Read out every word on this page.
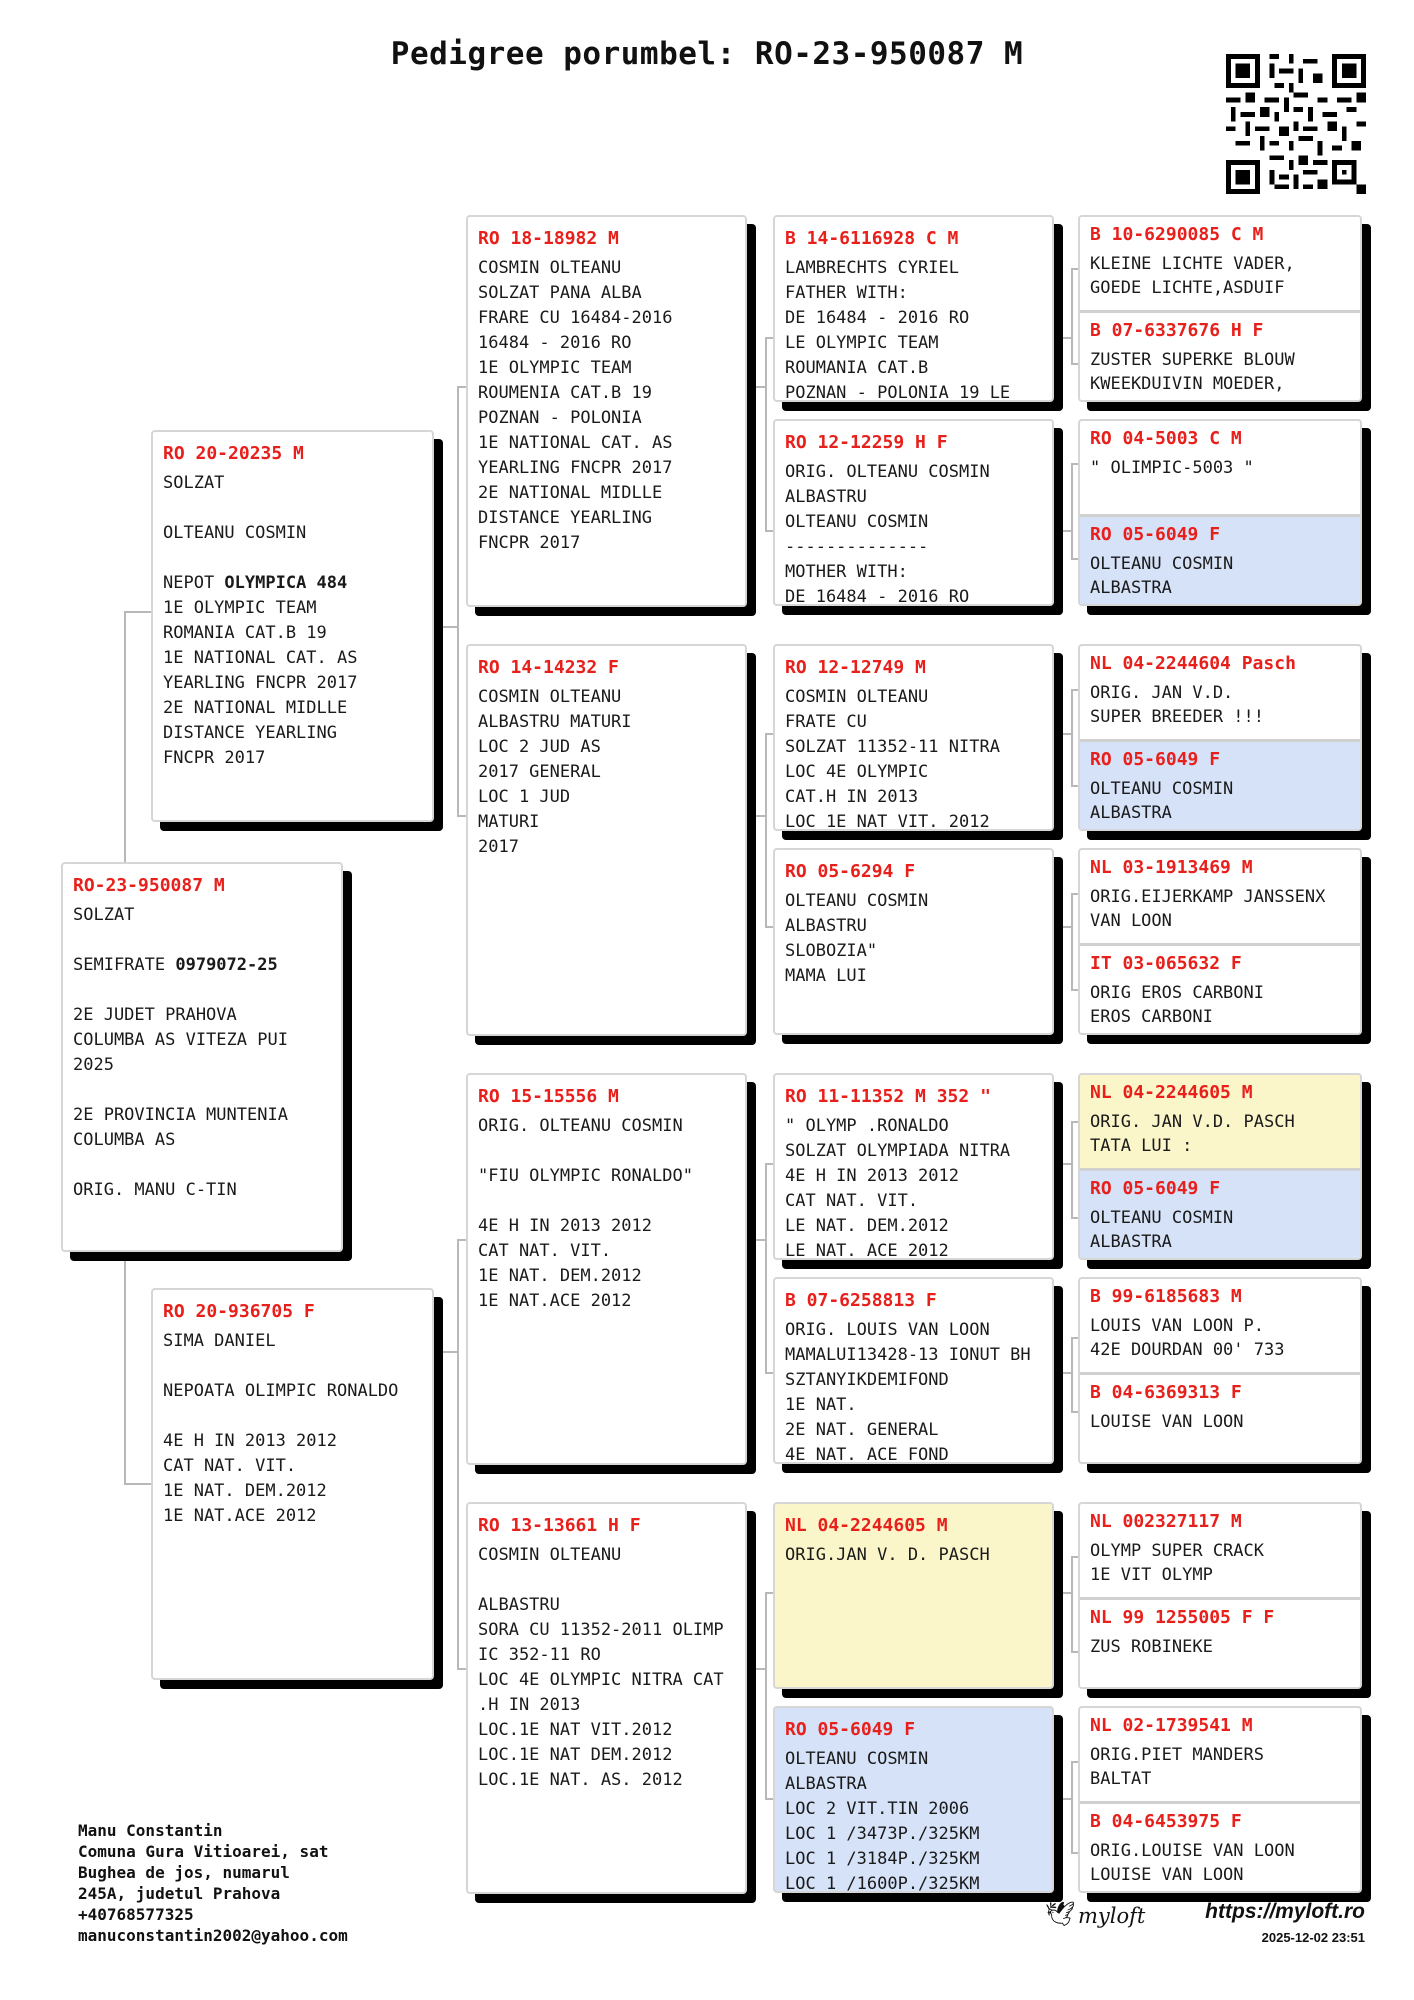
Pedigree porumbel: RO-23-950087 M
RO-23-950087 M
SOLZAT

SEMIFRATE 0979072-25

2E JUDET PRAHOVA
COLUMBA AS VITEZA PUI
2025

2E PROVINCIA MUNTENIA
COLUMBA AS

ORIG. MANU C-TIN
RO 20-20235 M
SOLZAT

OLTEANU COSMIN

NEPOT OLYMPICA 484
1E OLYMPIC TEAM
ROMANIA CAT.B 19
1E NATIONAL CAT. AS
YEARLING FNCPR 2017
2E NATIONAL MIDLLE
DISTANCE YEARLING
FNCPR 2017
RO 20-936705 F
SIMA DANIEL

NEPOATA OLIMPIC RONALDO

4E H IN 2013 2012
CAT NAT. VIT.
1E NAT. DEM.2012
1E NAT.ACE 2012
RO 18-18982 M
COSMIN OLTEANU
SOLZAT PANA ALBA
FRARE CU 16484-2016
16484 - 2016 RO
1E OLYMPIC TEAM
ROUMENIA CAT.B 19
POZNAN - POLONIA
1E NATIONAL CAT. AS
YEARLING FNCPR 2017
2E NATIONAL MIDLLE
DISTANCE YEARLING
FNCPR 2017
RO 14-14232 F
COSMIN OLTEANU
ALBASTRU MATURI
LOC 2 JUD AS
2017 GENERAL
LOC 1 JUD
MATURI
2017
RO 15-15556 M
ORIG. OLTEANU COSMIN

"FIU OLYMPIC RONALDO"

4E H IN 2013 2012
CAT NAT. VIT.
1E NAT. DEM.2012
1E NAT.ACE 2012
RO 13-13661 H F
COSMIN OLTEANU

ALBASTRU
SORA CU 11352-2011 OLIMP
IC 352-11 RO
LOC 4E OLYMPIC NITRA CAT
.H IN 2013
LOC.1E NAT VIT.2012
LOC.1E NAT DEM.2012
LOC.1E NAT. AS. 2012
B 14-6116928 C M
LAMBRECHTS CYRIEL
FATHER WITH:
DE 16484 - 2016 RO
LE OLYMPIC TEAM
ROUMANIA CAT.B
POZNAN - POLONIA 19 LE
RO 12-12259 H F
ORIG. OLTEANU COSMIN
ALBASTRU
OLTEANU COSMIN
--------------
MOTHER WITH:
DE 16484 - 2016 RO
RO 12-12749 M
COSMIN OLTEANU
FRATE CU
SOLZAT 11352-11 NITRA
LOC 4E OLYMPIC
CAT.H IN 2013
LOC 1E NAT VIT. 2012
RO 05-6294 F
OLTEANU COSMIN
ALBASTRU
SLOBOZIA"
MAMA LUI
RO 11-11352 M 352 "
" OLYMP .RONALDO
SOLZAT OLYMPIADA NITRA
4E H IN 2013 2012
CAT NAT. VIT.
LE NAT. DEM.2012
LE NAT. ACE 2012
B 07-6258813 F
ORIG. LOUIS VAN LOON
MAMALUI13428-13 IONUT BH
SZTANYIKDEMIFOND
1E NAT.
2E NAT. GENERAL
4E NAT. ACE FOND
NL 04-2244605 M
ORIG.JAN V. D. PASCH
RO 05-6049 F
OLTEANU COSMIN
ALBASTRA
LOC 2 VIT.TIN 2006
LOC 1 /3473P./325KM
LOC 1 /3184P./325KM
LOC 1 /1600P./325KM
B 10-6290085 C M
KLEINE LICHTE VADER,
GOEDE LICHTE,ASDUIF
B 07-6337676 H F
ZUSTER SUPERKE BLOUW
KWEEKDUIVIN MOEDER,
RO 04-5003 C M
" OLIMPIC-5003 "
RO 05-6049 F
OLTEANU COSMIN
ALBASTRA
NL 04-2244604 Pasch
ORIG. JAN V.D.
SUPER BREEDER !!!
RO 05-6049 F
OLTEANU COSMIN
ALBASTRA
NL 03-1913469 M
ORIG.EIJERKAMP JANSSENX
VAN LOON
IT 03-065632 F
ORIG EROS CARBONI
EROS CARBONI
NL 04-2244605 M
ORIG. JAN V.D. PASCH
TATA LUI :
RO 05-6049 F
OLTEANU COSMIN
ALBASTRA
B 99-6185683 M
LOUIS VAN LOON P.
42E DOURDAN 00' 733
B 04-6369313 F
LOUISE VAN LOON
NL 002327117 M
OLYMP SUPER CRACK
1E VIT OLYMP
NL 99 1255005 F F
ZUS ROBINEKE
NL 02-1739541 M
ORIG.PIET MANDERS
BALTAT
B 04-6453975 F
ORIG.LOUISE VAN LOON
LOUISE VAN LOON
Manu Constantin
Comuna Gura Vitioarei, sat
Bughea de jos, numarul
245A, judetul Prahova
+40768577325
manuconstantin2002@yahoo.com
🕊 myloft	https://myloft.ro
2025-12-02 23:51
